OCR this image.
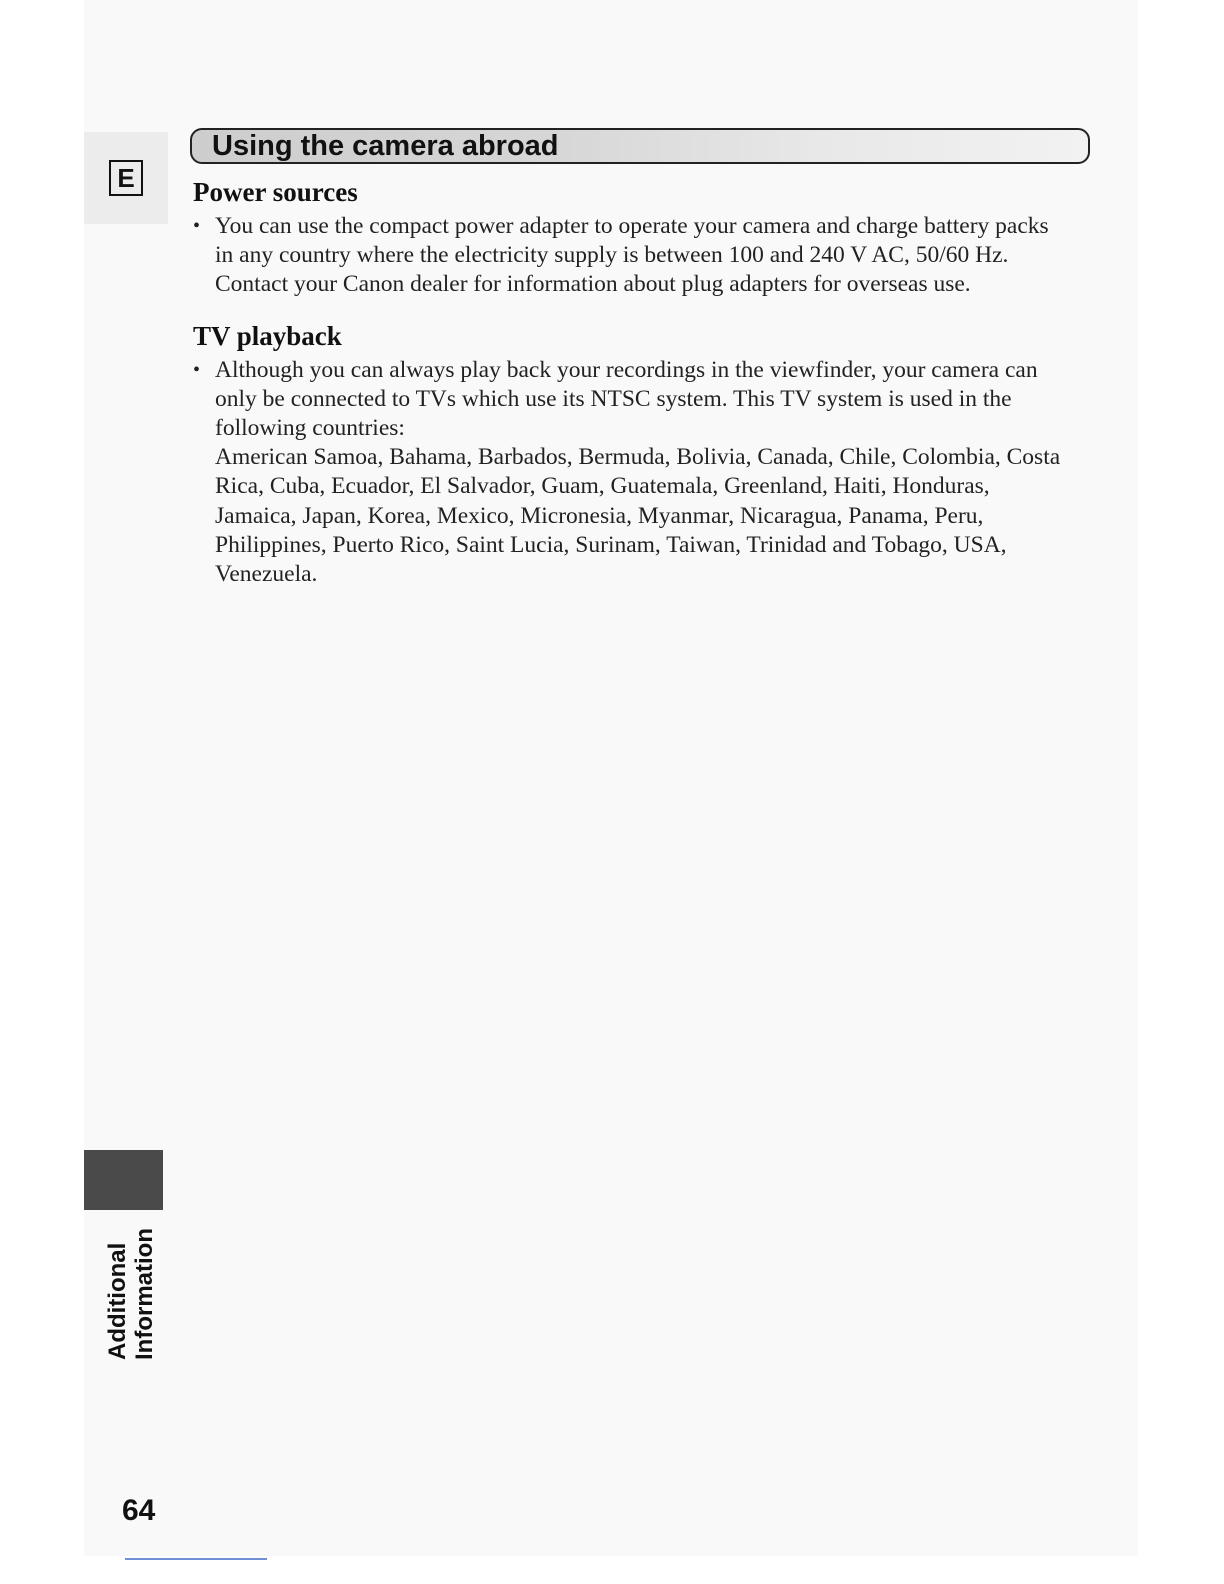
E
Using the camera abroad
Power sources
• You can use the compact power adapter to operate your camera and charge battery packs in any country where the electricity supply is between 100 and 240 V AC, 50/60 Hz. Contact your Canon dealer for information about plug adapters for overseas use.

TV playback
• Although you can always play back your recordings in the viewfinder, your camera can only be connected to TVs which use its NTSC system. This TV system is used in the following countries:

American Samoa, Bahama, Barbados, Bermuda, Bolivia, Canada, Chile, Colombia, Costa Rica, Cuba, Ecuador, El Salvador, Guam, Guatemala, Greenland, Haiti, Honduras, Jamaica, Japan, Korea, Mexico, Micronesia, Myanmar, Nicaragua, Panama, Peru, Philippines, Puerto Rico, Saint Lucia, Surinam, Taiwan, Trinidad and Tobago, USA, Venezuela.

Additional Information
64
